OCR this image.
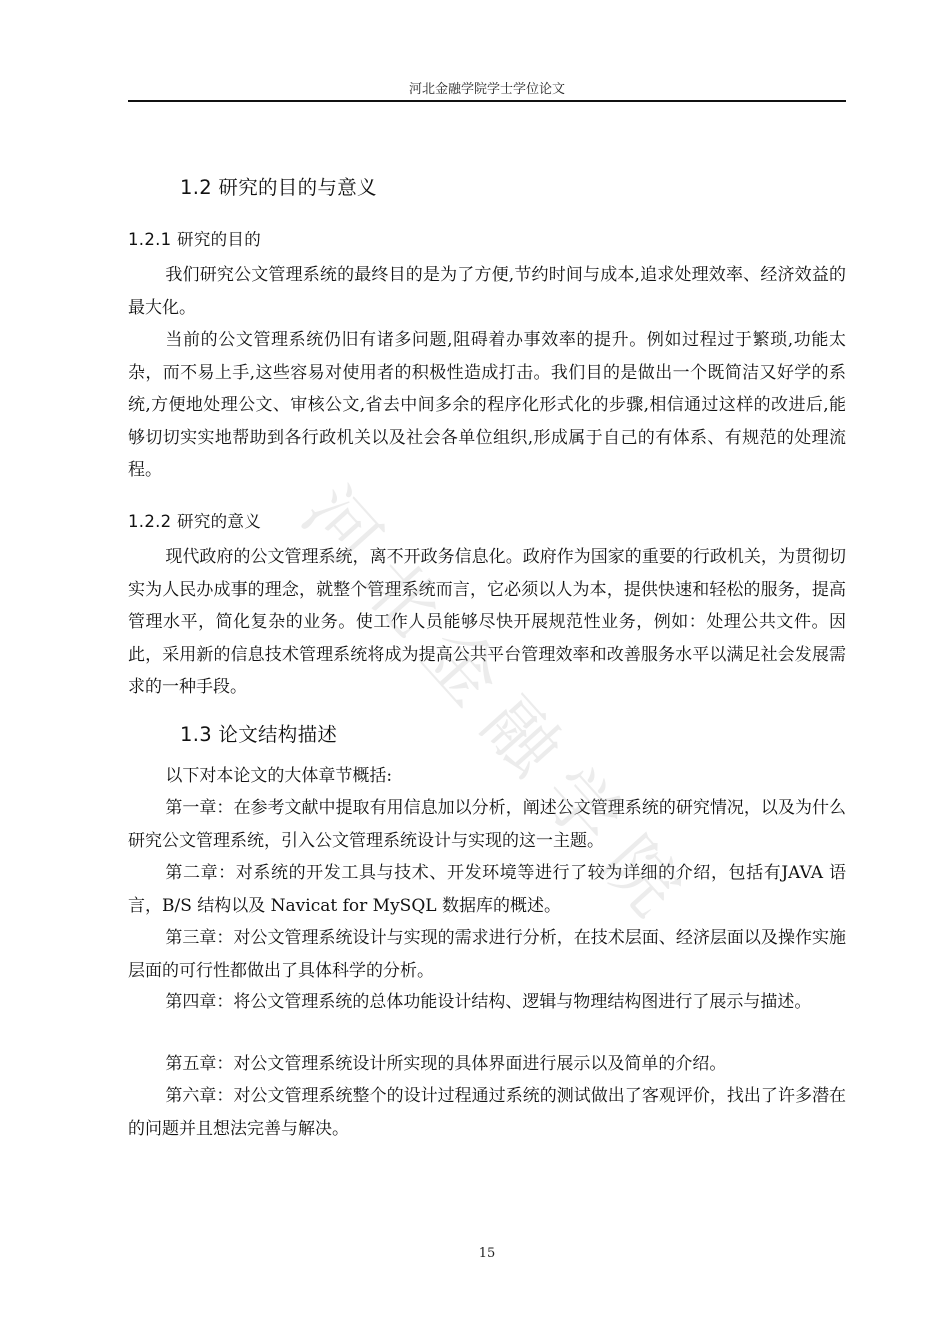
河北金融学院学士学位论文
1.2 研究的目的与意义
1.2.1 研究的目的

我们研究公文管理系统的最终目的是为了方便,节约时间与成本,追求处理效率、经济效益的最大化。

当前的公文管理系统仍旧有诸多问题,阻碍着办事效率的提升。例如过程过于繁琐,功能太杂，而不易上手,这些容易对使用者的积极性造成打击。我们目的是做出一个既简洁又好学的系统,方便地处理公文、审核公文,省去中间多余的程序化形式化的步骤,相信通过这样的改进后,能够切切实实地帮助到各行政机关以及社会各单位组织,形成属于自己的有体系、有规范的处理流程。

1.2.2 研究的意义

现代政府的公文管理系统，离不开政务信息化。政府作为国家的重要的行政机关，为贯彻切实为人民办成事的理念，就整个管理系统而言，它必须以人为本，提供快速和轻松的服务，提高管理水平，简化复杂的业务。使工作人员能够尽快开展规范性业务，例如：处理公共文件。因此，采用新的信息技术管理系统将成为提高公共平台管理效率和改善服务水平以满足社会发展需求的一种手段。

1.3 论文结构描述

以下对本论文的大体章节概括:

第一章：在参考文献中提取有用信息加以分析，阐述公文管理系统的研究情况，以及为什么研究公文管理系统，引入公文管理系统设计与实现的这一主题。

第二章：对系统的开发工具与技术、开发环境等进行了较为详细的介绍，包括有JAVA 语言，B/S 结构以及 Navicat for MySQL 数据库的概述。

第三章：对公文管理系统设计与实现的需求进行分析，在技术层面、经济层面以及操作实施层面的可行性都做出了具体科学的分析。

第四章：将公文管理系统的总体功能设计结构、逻辑与物理结构图进行了展示与描述。

第五章：对公文管理系统设计所实现的具体界面进行展示以及简单的介绍。

第六章：对公文管理系统整个的设计过程通过系统的测试做出了客观评价，找出了许多潜在的问题并且想法完善与解决。

15
河
北
金
融
学
院
